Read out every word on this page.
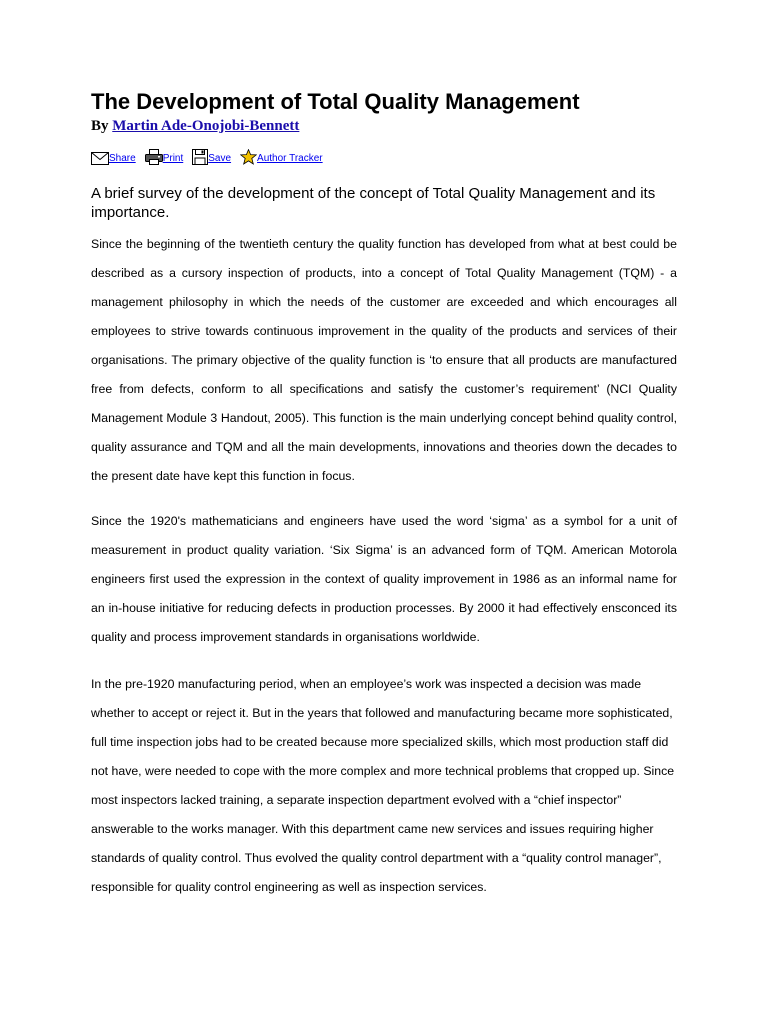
The Development of Total Quality Management
By Martin Ade-Onojobi-Bennett
Share	Print	Save	Author Tracker

A brief survey of the development of the concept of Total Quality Management and its importance.

Since the beginning of the twentieth century the quality function has developed from what at best could be described as a cursory inspection of products, into a concept of Total Quality Management (TQM) - a management philosophy in which the needs of the customer are exceeded and which encourages all employees to strive towards continuous improvement in the quality of the products and services of their organisations. The primary objective of the quality function is ‘to ensure that all products are manufactured free from defects, conform to all specifications and satisfy the customer’s requirement’ (NCI Quality Management Module 3 Handout, 2005). This function is the main underlying concept behind quality control, quality assurance and TQM and all the main developments, innovations and theories down the decades to the present date have kept this function in focus.

Since the 1920's mathematicians and engineers have used the word ‘sigma’ as a symbol for a unit of measurement in product quality variation. ‘Six Sigma’ is an advanced form of TQM. American Motorola engineers first used the expression in the context of quality improvement in 1986 as an informal name for an in-house initiative for reducing defects in production processes. By 2000 it had effectively ensconced its quality and process improvement standards in organisations worldwide.

In the pre-1920 manufacturing period, when an employee’s work was inspected a decision was made whether to accept or reject it. But in the years that followed and manufacturing became more sophisticated, full time inspection jobs had to be created because more specialized skills, which most production staff did not have, were needed to cope with the more complex and more technical problems that cropped up. Since most inspectors lacked training, a separate inspection department evolved with a “chief inspector” answerable to the works manager. With this department came new services and issues requiring higher standards of quality control. Thus evolved the quality control department with a “quality control manager”, responsible for quality control engineering as well as inspection services.
